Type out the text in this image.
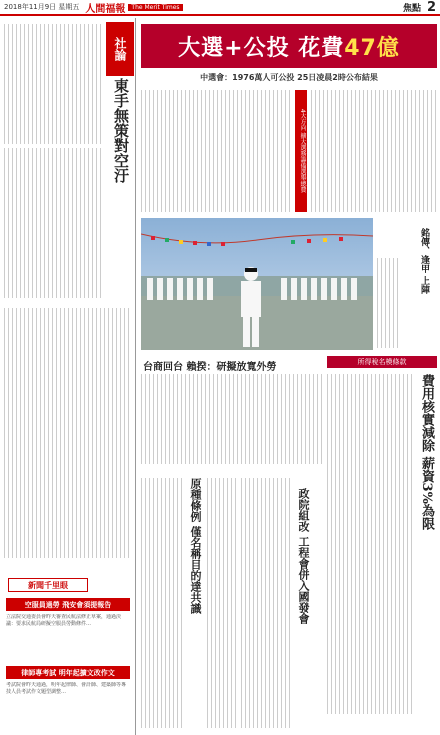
2018年11月9日 星期五 人間福報	The Merit Times	焦點 2
社論
東手無策對空汙
新聞千里眼
空服員過勞 飛安會須提報告
立法院交通委員會昨天審查民航法修正草案，通過決議：要求民航局研擬空服員勞動條件…
律師專考試 明年起擴文改作文
考試院會昨天通過，明年起律師、會計師、建築師等專技人員考試作文題型調整…
大選+公投 花費 47億
中選會：1976萬人可公投 25日凌晨2時公布結果
4大方向 擴大選務籌備選舉總費
銘傳、逢甲 上陣
台商回台 賴揆：研擬放寬外勞	所得稅名模條款
費用核實減除 薪資3%為限
原種條例 僅名稱目的達共識	政院組改 工程會併入國發會
